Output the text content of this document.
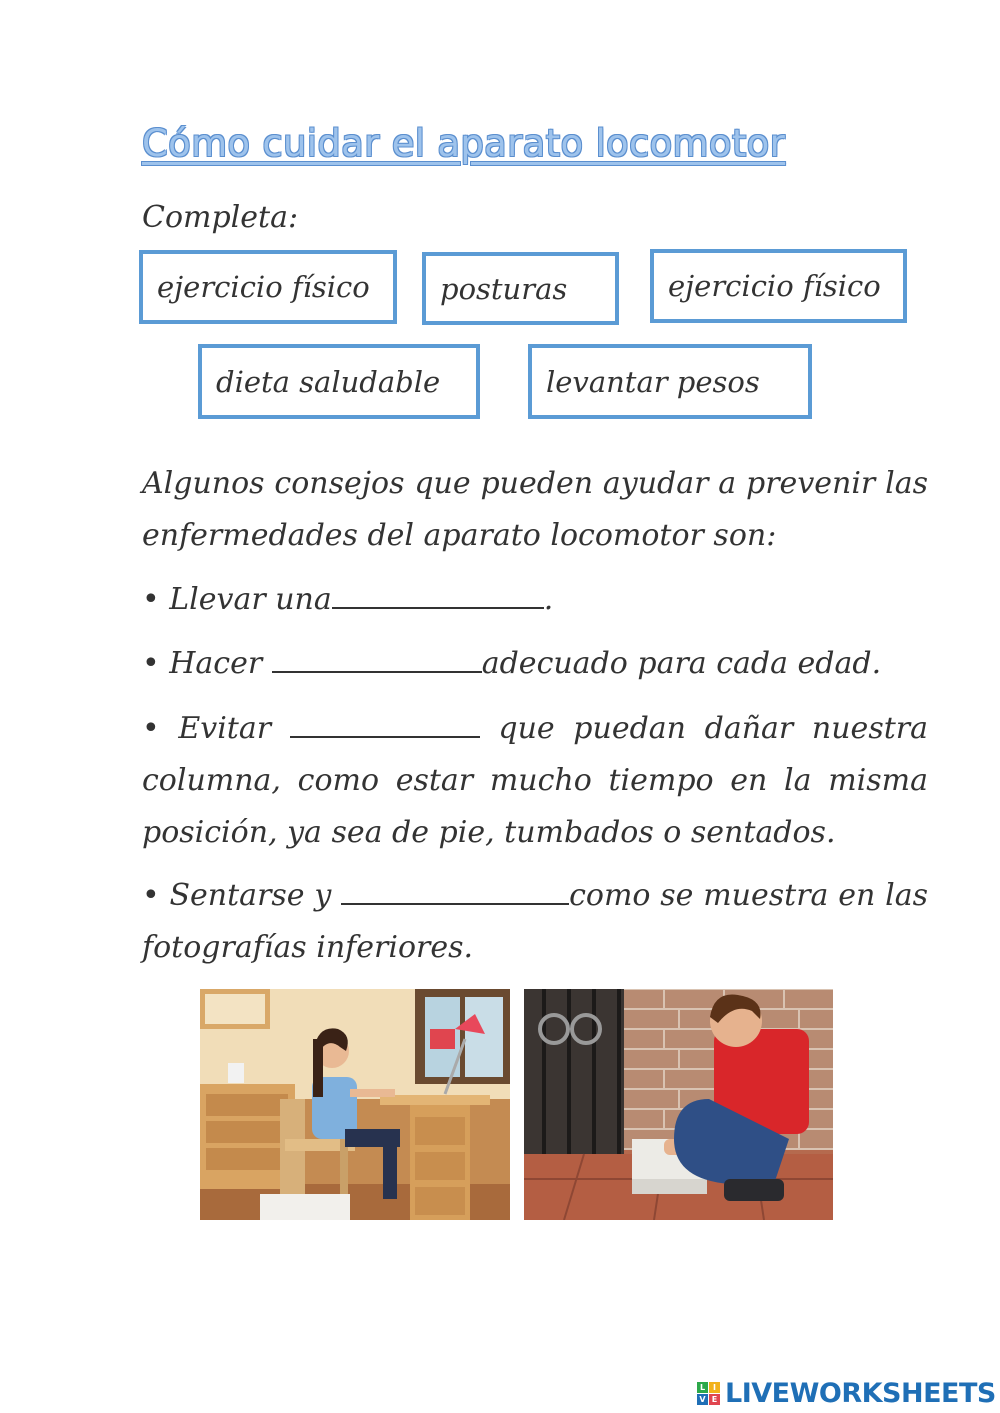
Cómo cuidar el aparato locomotor
Completa:
ejercicio físico	posturas	ejercicio físico
dieta saludable	levantar pesos
Algunos consejos que pueden ayudar a prevenir las enfermedades del aparato locomotor son:
• Llevar una	.
• Hacer	adecuado para cada edad.
• Evitar	que puedan dañar nuestra columna, como estar mucho tiempo en la misma posición, ya sea de pie, tumbados o sentados.
• Sentarse y	como se muestra en las fotografías inferiores.
L I
V E LIVEWORKSHEETS
